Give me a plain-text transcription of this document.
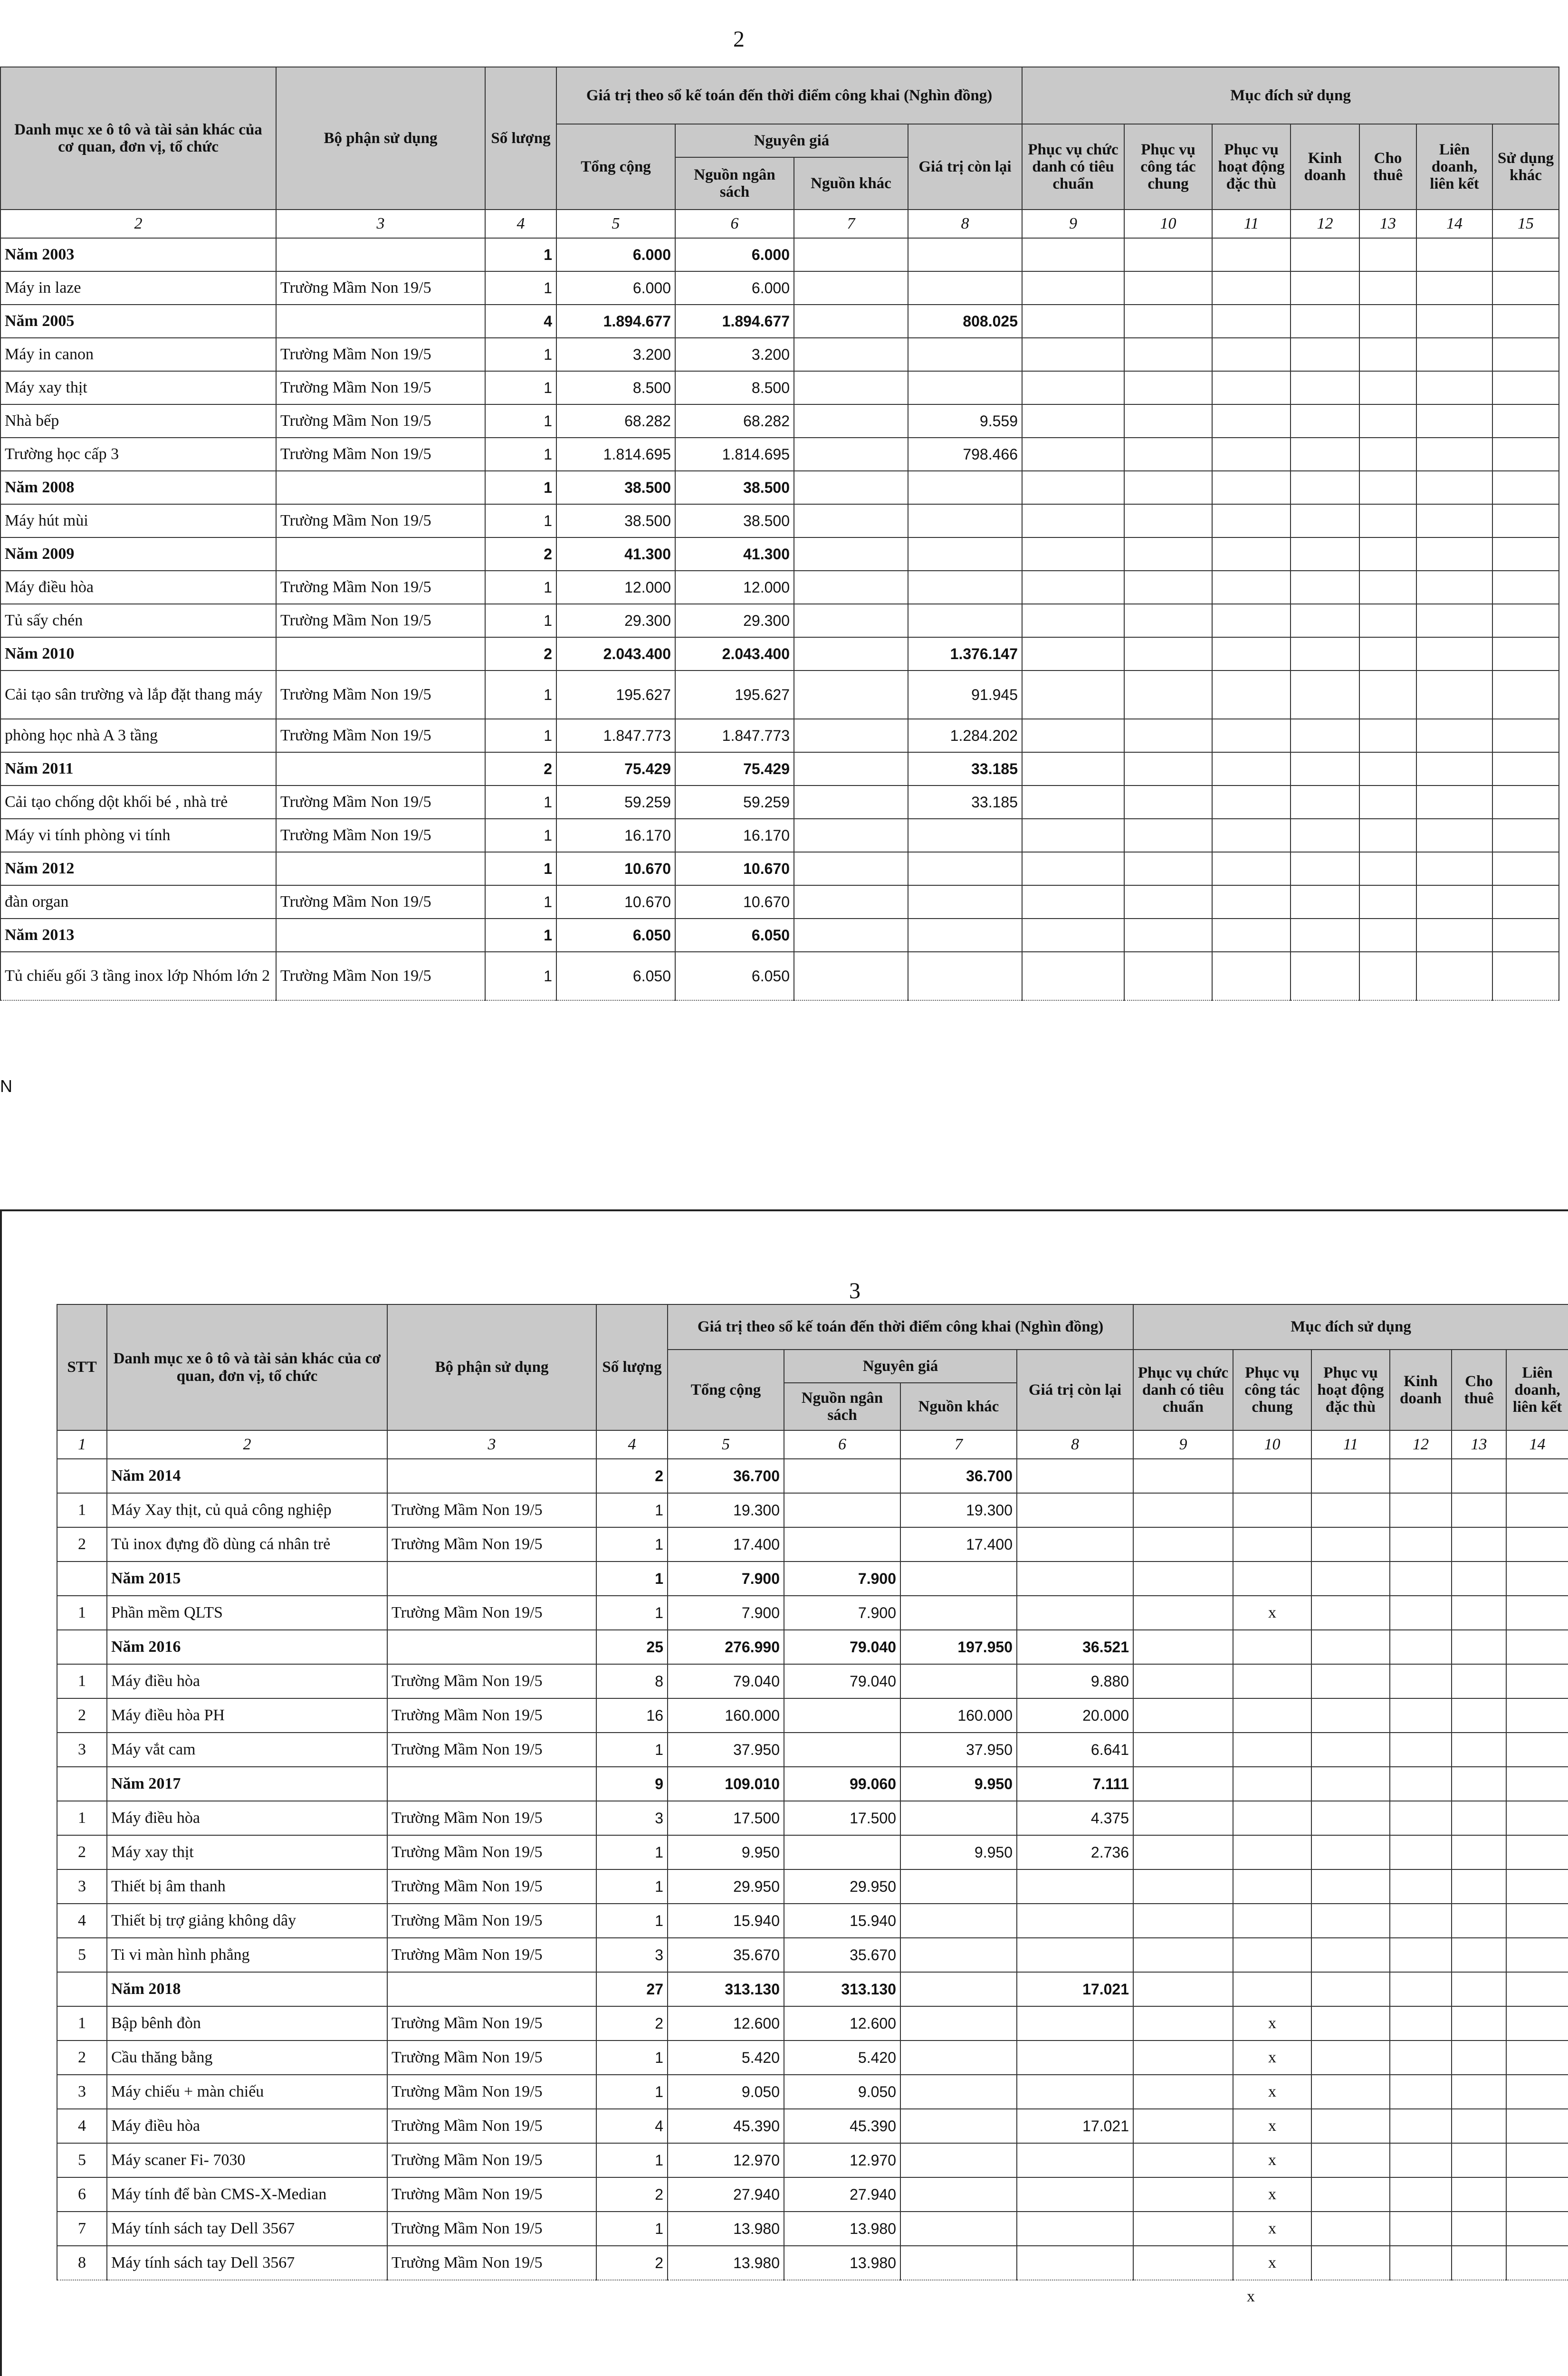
2
Danh mục xe ô tô và tài sản khác của cơ quan, đơn vị, tổ chức	Bộ phận sử dụng	Số lượng	Giá trị theo sổ kế toán đến thời điểm công khai (Nghìn đồng)				Mục đích sử dụng						
			Tổng cộng	Nguyên giá		Giá trị còn lại	Phục vụ chức danh có tiêu chuẩn	Phục vụ công tác chung	Phục vụ hoạt động đặc thù	Kinh doanh	Cho thuê	Liên doanh, liên kết	Sử dụng khác
				Nguồn ngân sách	Nguồn khác								
2	3	4	5	6	7	8	9	10	11	12	13	14	15
Năm 2003		1	6.000	6.000									
Máy in laze	Trường Mầm Non 19/5	1	6.000	6.000									
Năm 2005		4	1.894.677	1.894.677		808.025							
Máy in canon	Trường Mầm Non 19/5	1	3.200	3.200									
Máy xay thịt	Trường Mầm Non 19/5	1	8.500	8.500									
Nhà bếp	Trường Mầm Non 19/5	1	68.282	68.282		9.559							
Trường học cấp 3	Trường Mầm Non 19/5	1	1.814.695	1.814.695		798.466							
Năm 2008		1	38.500	38.500									
Máy hút mùi	Trường Mầm Non 19/5	1	38.500	38.500									
Năm 2009		2	41.300	41.300									
Máy điều hòa	Trường Mầm Non 19/5	1	12.000	12.000									
Tủ sấy chén	Trường Mầm Non 19/5	1	29.300	29.300									
Năm 2010		2	2.043.400	2.043.400		1.376.147							
Cải tạo sân trường và lắp đặt thang máy	Trường Mầm Non 19/5	1	195.627	195.627		91.945							
phòng học nhà A 3 tầng	Trường Mầm Non 19/5	1	1.847.773	1.847.773		1.284.202							
Năm 2011		2	75.429	75.429		33.185							
Cải tạo chống dột khối bé , nhà trẻ	Trường Mầm Non 19/5	1	59.259	59.259		33.185							
Máy vi tính phòng vi tính	Trường Mầm Non 19/5	1	16.170	16.170									
Năm 2012		1	10.670	10.670									
đàn organ	Trường Mầm Non 19/5	1	10.670	10.670									
Năm 2013		1	6.050	6.050									
Tủ chiếu gối 3 tầng inox lớp Nhóm lớn 2	Trường Mầm Non 19/5	1	6.050	6.050									
N
3
STT	Danh mục xe ô tô và tài sản khác của cơ quan, đơn vị, tổ chức	Bộ phận sử dụng	Số lượng	Giá trị theo sổ kế toán đến thời điểm công khai (Nghìn đồng)				Mục đích sử dụng					
				Tổng cộng	Nguyên giá		Giá trị còn lại	Phục vụ chức danh có tiêu chuẩn	Phục vụ công tác chung	Phục vụ hoạt động đặc thù	Kinh doanh	Cho thuê	Liên doanh, liên kết
					Nguồn ngân sách	Nguồn khác							
1	2	3	4	5	6	7	8	9	10	11	12	13	14
	Năm 2014		2	36.700		36.700							
1	Máy Xay thịt, củ quả công nghiệp	Trường Mầm Non 19/5	1	19.300		19.300							
2	Tủ inox đựng đồ dùng cá nhân trẻ	Trường Mầm Non 19/5	1	17.400		17.400							
	Năm 2015		1	7.900	7.900								
1	Phần mềm QLTS	Trường Mầm Non 19/5	1	7.900	7.900				x				
	Năm 2016		25	276.990	79.040	197.950	36.521						
1	Máy điều hòa	Trường Mầm Non 19/5	8	79.040	79.040		9.880						
2	Máy điều hòa PH	Trường Mầm Non 19/5	16	160.000		160.000	20.000						
3	Máy vắt cam	Trường Mầm Non 19/5	1	37.950		37.950	6.641						
	Năm 2017		9	109.010	99.060	9.950	7.111						
1	Máy điều hòa	Trường Mầm Non 19/5	3	17.500	17.500		4.375						
2	Máy xay thịt	Trường Mầm Non 19/5	1	9.950		9.950	2.736						
3	Thiết bị âm thanh	Trường Mầm Non 19/5	1	29.950	29.950								
4	Thiết bị trợ giảng không dây	Trường Mầm Non 19/5	1	15.940	15.940								
5	Ti vi màn hình phẳng	Trường Mầm Non 19/5	3	35.670	35.670								
	Năm 2018		27	313.130	313.130		17.021						
1	Bập bênh đòn	Trường Mầm Non 19/5	2	12.600	12.600				x				
2	Cầu thăng bằng	Trường Mầm Non 19/5	1	5.420	5.420				x				
3	Máy chiếu + màn chiếu	Trường Mầm Non 19/5	1	9.050	9.050				x				
4	Máy điều hòa	Trường Mầm Non 19/5	4	45.390	45.390		17.021		x				
5	Máy scaner Fi- 7030	Trường Mầm Non 19/5	1	12.970	12.970				x				
6	Máy tính để bàn CMS-X-Median	Trường Mầm Non 19/5	2	27.940	27.940				x				
7	Máy tính sách tay Dell 3567	Trường Mầm Non 19/5	1	13.980	13.980				x				
8	Máy tính sách tay Dell 3567	Trường Mầm Non 19/5	2	13.980	13.980				x				
x
